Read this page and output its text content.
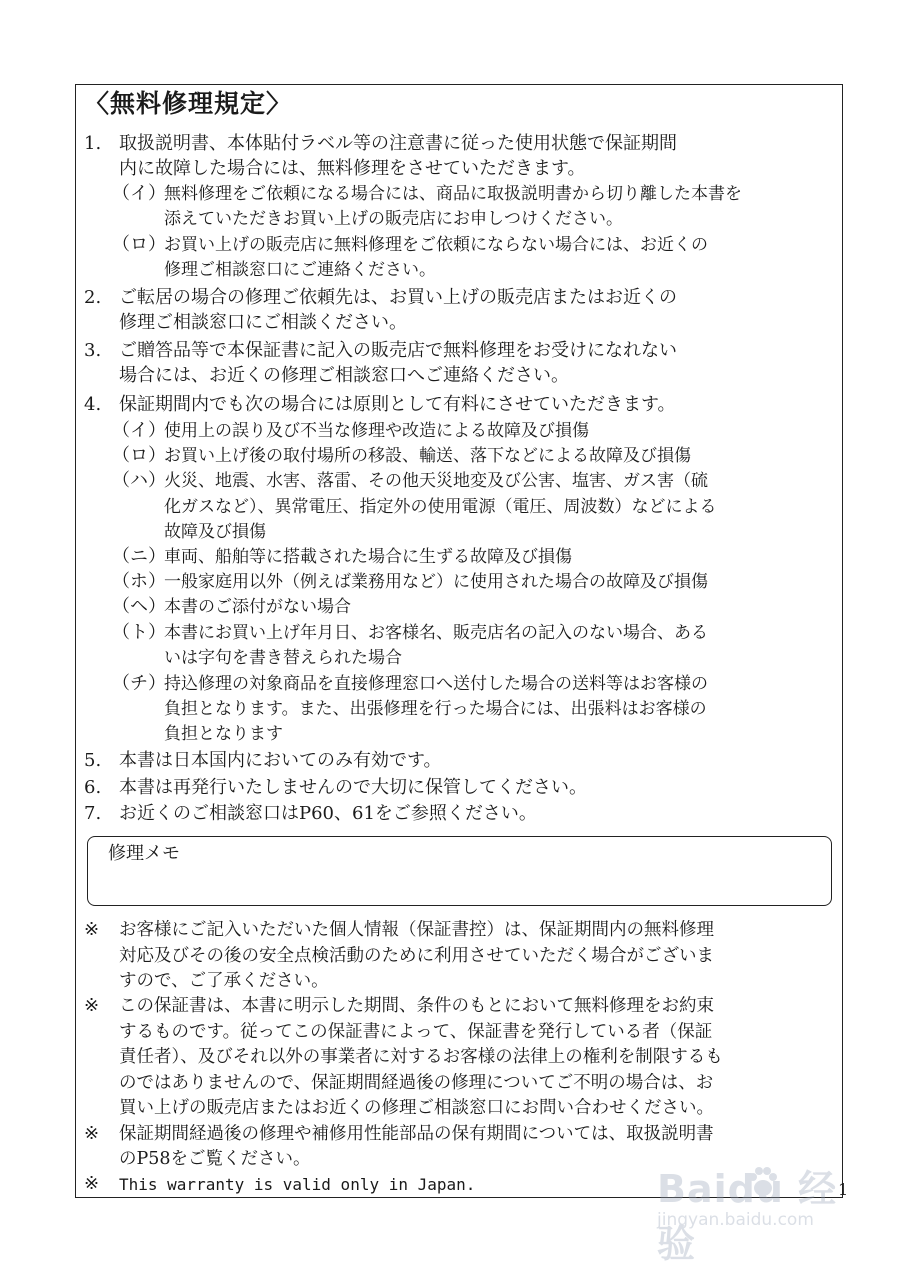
〈無料修理規定〉
1. 取扱説明書、本体貼付ラベル等の注意書に従った使用状態で保証期間
内に故障した場合には、無料修理をさせていただきます。
（イ）
無料修理をご依頼になる場合には、商品に取扱説明書から切り離した本書を
添えていただきお買い上げの販売店にお申しつけください。
（ロ）
お買い上げの販売店に無料修理をご依頼にならない場合には、お近くの
修理ご相談窓口にご連絡ください。
2. ご転居の場合の修理ご依頼先は、お買い上げの販売店またはお近くの
修理ご相談窓口にご相談ください。
3. ご贈答品等で本保証書に記入の販売店で無料修理をお受けになれない
場合には、お近くの修理ご相談窓口へご連絡ください。
4. 保証期間内でも次の場合には原則として有料にさせていただきます。
（イ）
使用上の誤り及び不当な修理や改造による故障及び損傷
（ロ）
お買い上げ後の取付場所の移設、輸送、落下などによる故障及び損傷
（ハ）
火災、地震、水害、落雷、その他天災地変及び公害、塩害、ガス害（硫
化ガスなど）、異常電圧、指定外の使用電源（電圧、周波数）などによる
故障及び損傷
（ニ）
車両、船舶等に搭載された場合に生ずる故障及び損傷
（ホ）
一般家庭用以外（例えば業務用など）に使用された場合の故障及び損傷
（ヘ）
本書のご添付がない場合
（ト）
本書にお買い上げ年月日、お客様名、販売店名の記入のない場合、ある
いは字句を書き替えられた場合
（チ）
持込修理の対象商品を直接修理窓口へ送付した場合の送料等はお客様の
負担となります。また、出張修理を行った場合には、出張料はお客様の
負担となります
5. 本書は日本国内においてのみ有効です。
6. 本書は再発行いたしませんので大切に保管してください。
7. お近くのご相談窓口はP60、61をご参照ください。
修理メモ
※ お客様にご記入いただいた個人情報（保証書控）は、保証期間内の無料修理
対応及びその後の安全点検活動のために利用させていただく場合がございま
すので、ご了承ください。
※ この保証書は、本書に明示した期間、条件のもとにおいて無料修理をお約束
するものです。従ってこの保証書によって、保証書を発行している者（保証
責任者）、及びそれ以外の事業者に対するお客様の法律上の権利を制限するも
のではありませんので、保証期間経過後の修理についてご不明の場合は、お
買い上げの販売店またはお近くの修理ご相談窓口にお問い合わせください。
※ 保証期間経過後の修理や補修用性能部品の保有期間については、取扱説明書
のP58をご覧ください。
※ This warranty is valid only in Japan.	1
Baidu 经验
jingyan.baidu.com
